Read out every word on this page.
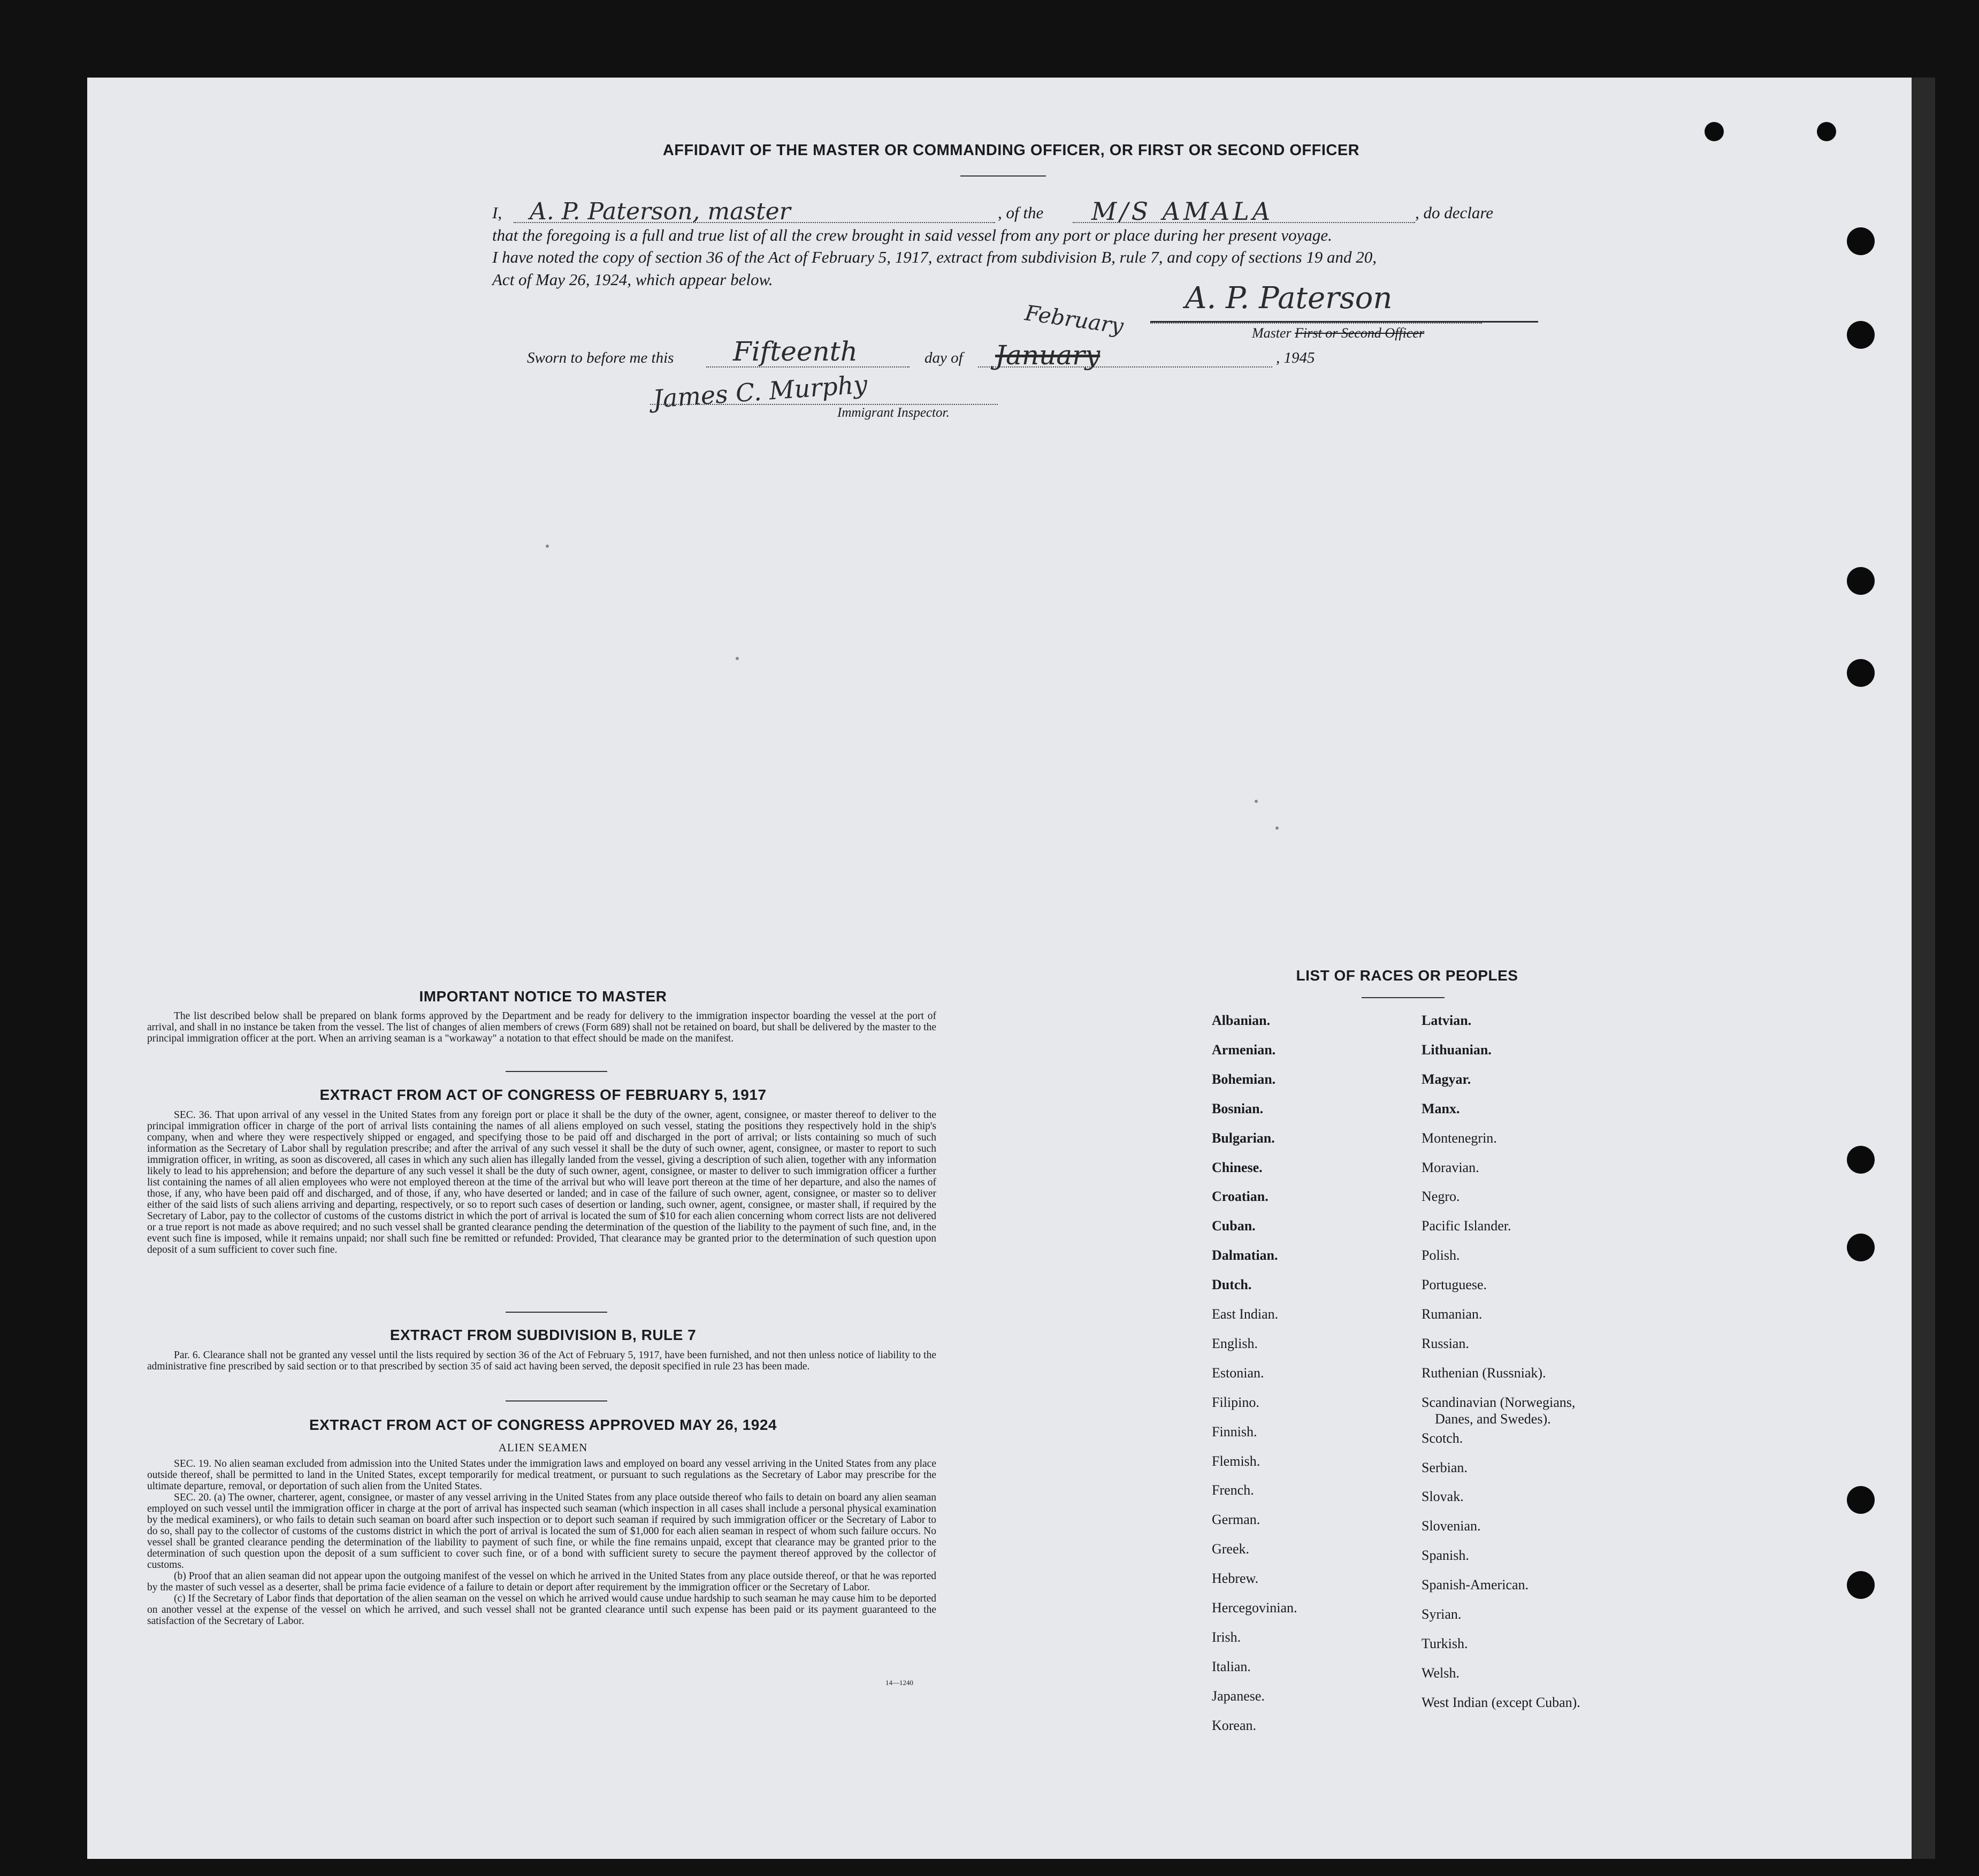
AFFIDAVIT OF THE MASTER OR COMMANDING OFFICER, OR FIRST OR SECOND OFFICER
I,	A. P. Paterson, master	, of the M/S AMALA	, do declare
that the foregoing is a full and true list of all the crew brought in said vessel from any port or place during her present voyage.
I have noted the copy of section 36 of the Act of February 5, 1917, extract from subdivision B, rule 7, and copy of sections 19 and 20,
Act of May 26, 1924, which appear below.
A. P. Paterson
Master First or Second Officer
Sworn to before me this Fifteenth	day of January
February
, 1945
James C. Murphy
Immigrant Inspector.
IMPORTANT NOTICE TO MASTER
The list described below shall be prepared on blank forms approved by the Department and be ready for delivery to the immigration inspector boarding the vessel at the port of arrival, and shall in no instance be taken from the vessel. The list of changes of alien members of crews (Form 689) shall not be retained on board, but shall be delivered by the master to the principal immigration officer at the port. When an arriving seaman is a "workaway" a notation to that effect should be made on the manifest.
EXTRACT FROM ACT OF CONGRESS OF FEBRUARY 5, 1917
SEC. 36. That upon arrival of any vessel in the United States from any foreign port or place it shall be the duty of the owner, agent, consignee, or master thereof to deliver to the principal immigration officer in charge of the port of arrival lists containing the names of all aliens employed on such vessel, stating the positions they respectively hold in the ship's company, when and where they were respectively shipped or engaged, and specifying those to be paid off and discharged in the port of arrival; or lists containing so much of such information as the Secretary of Labor shall by regulation prescribe; and after the arrival of any such vessel it shall be the duty of such owner, agent, consignee, or master to report to such immigration officer, in writing, as soon as discovered, all cases in which any such alien has illegally landed from the vessel, giving a description of such alien, together with any information likely to lead to his apprehension; and before the departure of any such vessel it shall be the duty of such owner, agent, consignee, or master to deliver to such immigration officer a further list containing the names of all alien employees who were not employed thereon at the time of the arrival but who will leave port thereon at the time of her departure, and also the names of those, if any, who have been paid off and discharged, and of those, if any, who have deserted or landed; and in case of the failure of such owner, agent, consignee, or master so to deliver either of the said lists of such aliens arriving and departing, respectively, or so to report such cases of desertion or landing, such owner, agent, consignee, or master shall, if required by the Secretary of Labor, pay to the collector of customs of the customs district in which the port of arrival is located the sum of $10 for each alien concerning whom correct lists are not delivered or a true report is not made as above required; and no such vessel shall be granted clearance pending the determination of the question of the liability to the payment of such fine, and, in the event such fine is imposed, while it remains unpaid; nor shall such fine be remitted or refunded: Provided, That clearance may be granted prior to the determination of such question upon deposit of a sum sufficient to cover such fine.
EXTRACT FROM SUBDIVISION B, RULE 7
Par. 6. Clearance shall not be granted any vessel until the lists required by section 36 of the Act of February 5, 1917, have been furnished, and not then unless notice of liability to the administrative fine prescribed by said section or to that prescribed by section 35 of said act having been served, the deposit specified in rule 23 has been made.
EXTRACT FROM ACT OF CONGRESS APPROVED MAY 26, 1924
ALIEN SEAMEN

SEC. 19. No alien seaman excluded from admission into the United States under the immigration laws and employed on board any vessel arriving in the United States from any place outside thereof, shall be permitted to land in the United States, except temporarily for medical treatment, or pursuant to such regulations as the Secretary of Labor may prescribe for the ultimate departure, removal, or deportation of such alien from the United States.

SEC. 20. (a) The owner, charterer, agent, consignee, or master of any vessel arriving in the United States from any place outside thereof who fails to detain on board any alien seaman employed on such vessel until the immigration officer in charge at the port of arrival has inspected such seaman (which inspection in all cases shall include a personal physical examination by the medical examiners), or who fails to detain such seaman on board after such inspection or to deport such seaman if required by such immigration officer or the Secretary of Labor to do so, shall pay to the collector of customs of the customs district in which the port of arrival is located the sum of $1,000 for each alien seaman in respect of whom such failure occurs. No vessel shall be granted clearance pending the determination of the liability to payment of such fine, or while the fine remains unpaid, except that clearance may be granted prior to the determination of such question upon the deposit of a sum sufficient to cover such fine, or of a bond with sufficient surety to secure the payment thereof approved by the collector of customs.

(b) Proof that an alien seaman did not appear upon the outgoing manifest of the vessel on which he arrived in the United States from any place outside thereof, or that he was reported by the master of such vessel as a deserter, shall be prima facie evidence of a failure to detain or deport after requirement by the immigration officer or the Secretary of Labor.

(c) If the Secretary of Labor finds that deportation of the alien seaman on the vessel on which he arrived would cause undue hardship to such seaman he may cause him to be deported on another vessel at the expense of the vessel on which he arrived, and such vessel shall not be granted clearance until such expense has been paid or its payment guaranteed to the satisfaction of the Secretary of Labor.

14—1240
LIST OF RACES OR PEOPLES
Albanian.
Armenian.
Bohemian.
Bosnian.
Bulgarian.
Chinese.
Croatian.
Cuban.
Dalmatian.
Dutch.
East Indian.
English.
Estonian.
Filipino.
Finnish.
Flemish.
French.
German.
Greek.
Hebrew.
Hercegovinian.
Irish.
Italian.
Japanese.
Korean.
Latvian.
Lithuanian.
Magyar.
Manx.
Montenegrin.
Moravian.
Negro.
Pacific Islander.
Polish.
Portuguese.
Rumanian.
Russian.
Ruthenian (Russniak).
Scandinavian (Norwegians,
Danes, and Swedes).
Scotch.
Serbian.
Slovak.
Slovenian.
Spanish.
Spanish-American.
Syrian.
Turkish.
Welsh.
West Indian (except Cuban).
